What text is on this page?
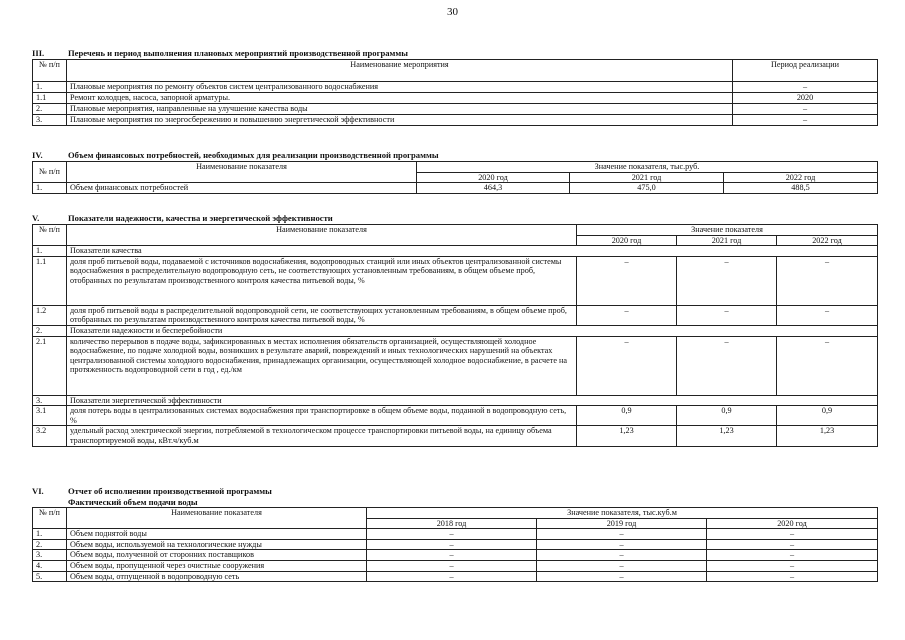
30
III.	Перечень и период выполнения плановых мероприятий производственной программы
№ п/п	Наименование мероприятия	Период реализации
1.	Плановые мероприятия по ремонту объектов систем централизованного водоснабжения	–
1.1	Ремонт колодцев, насоса, запорной арматуры.	2020
2.	Плановые мероприятия, направленные на улучшение качества воды	–
3.	Плановые мероприятия по энергосбережению и повышению энергетической эффективности	–
IV.	Объем финансовых потребностей, необходимых для реализации производственной программы
№ п/п	Наименование показателя	Значение показателя, тыс.руб.		
		2020 год	2021 год	2022 год
1.	Объем финансовых потребностей	464,3	475,0	488,5
V.	Показатели надежности, качества и энергетической эффективности
№ п/п	Наименование показателя	Значение показателя		
		2020 год	2021 год	2022 год
1.	Показатели качества			
1.1	доля проб питьевой воды, подаваемой с источников водоснабжения, водопроводных станций или иных объектов централизованной системы водоснабжения в распределительную водопроводную сеть, не соответствующих установленным требованиям, в общем объеме проб, отобранных по результатам производственного контроля качества питьевой воды, %	–	–	–
1.2	доля проб питьевой воды в распределительной водопроводной сети, не соответствующих установленным требованиям, в общем объеме проб, отобранных по результатам производственного контроля качества питьевой воды, %	–	–	–
2.	Показатели надежности и бесперебойности			
2.1	количество перерывов в подаче воды, зафиксированных в местах исполнения обязательств организацией, осуществляющей холодное водоснабжение, по подаче холодной воды, возникших в результате аварий, повреждений и иных технологических нарушений на объектах централизованной системы холодного водоснабжения, принадлежащих организации, осуществляющей холодное водоснабжение, в расчете на протяженность водопроводной сети в год , ед./км	–	–	–
3.	Показатели энергетической эффективности			
3.1	доля потерь воды в централизованных системах водоснабжения при транспортировке в общем объеме воды, поданной в водопроводную сеть, %	0,9	0,9	0,9
3.2	удельный расход электрической энергии, потребляемой в технологическом процессе транспортировки питьевой воды, на единицу объема транспортируемой воды, кВт.ч/куб.м	1,23	1,23	1,23
VI.	Отчет об исполнении производственной программы
Фактический объем подачи воды
№ п/п	Наименование показателя	Значение показателя, тыс.куб.м		
		2018 год	2019 год	2020 год
1.	Объем поднятой воды	–	–	–
2.	Объем воды, используемой на технологические нужды	–	–	–
3.	Объем воды, полученной от сторонних поставщиков	–	–	–
4.	Объем воды, пропущенной через очистные сооружения	–	–	–
5.	Объем воды, отпущенной в водопроводную сеть	–	–	–
